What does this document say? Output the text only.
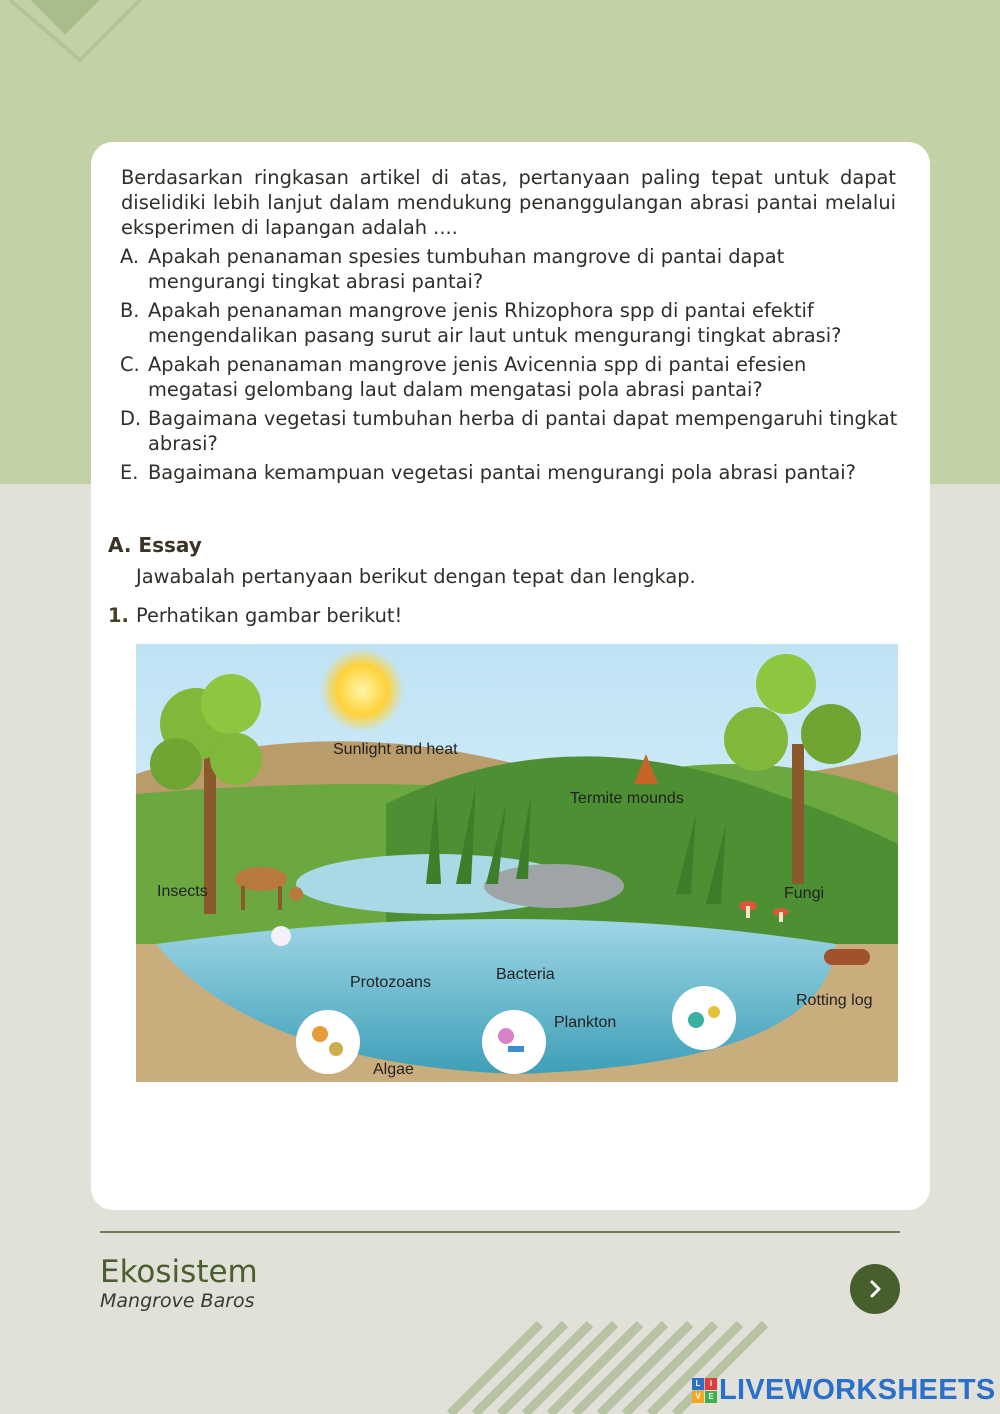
Berdasarkan ringkasan artikel di atas, pertanyaan paling tepat untuk dapat diselidiki lebih lanjut dalam mendukung penanggulangan abrasi pantai melalui eksperimen di lapangan adalah ....

A. Apakah penanaman spesies tumbuhan mangrove di pantai dapat mengurangi tingkat abrasi pantai?
B. Apakah penanaman mangrove jenis Rhizophora spp di pantai efektif mengendalikan pasang surut air laut untuk mengurangi tingkat abrasi?
C. Apakah penanaman mangrove jenis Avicennia spp di pantai efesien megatasi gelombang laut dalam mengatasi pola abrasi pantai?
D. Bagaimana vegetasi tumbuhan herba di pantai dapat mempengaruhi tingkat abrasi?
E. Bagaimana kemampuan vegetasi pantai mengurangi pola abrasi pantai?
A. Essay
Jawabalah pertanyaan berikut dengan tepat dan lengkap.
1. Perhatikan gambar berikut!
Sunlight and heat
Termite mounds
Insects	Fungi
Protozoans	Bacteria
Rotting log
Plankton
Algae
Ekosistem
Mangrove Baros
L	I
V E LIVEWORKSHEETS
